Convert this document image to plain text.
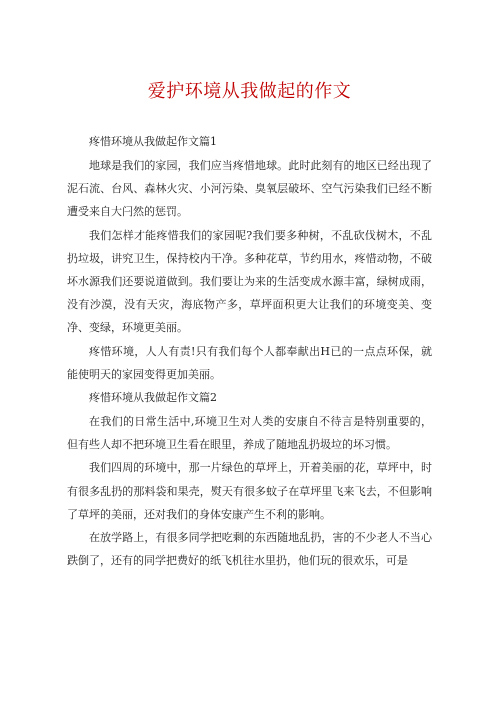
爱护环境从我做起的作文

疼惜环境从我做起作文篇1

地球是我们的家园，我们应当疼惜地球。此时此刻有的地区已经出现了泥石流、台风、森林火灾、小河污染、臭氧层破坏、空气污染我们已经不断遭受来自大闩然的惩罚。

我们怎样才能疼惜我们的家园呢?我们要多种树，不乱砍伐树木，不乱扔垃圾，讲究卫生，保持校内干净。多种花草，节约用水，疼惜动物，不破坏水源我们还要说道做到。我们要让为来的生活变成水源丰富，绿树成雨，没有沙漠，没有天灾，海底物产多，草坪面积更大让我们的环境变美、变净、变绿，环境更美丽。

疼惜环境，人人有责!只有我们每个人都奉献出H已的一点点环保，就能使明天的家园变得更加美丽。

疼惜环境从我做起作文篇2

在我们的日常生活中,环境卫生对人类的安康自不待言是特别重要的，但有些人却不把环境卫生看在眼里，养成了随地乱扔圾垃的坏习惯。

我们四周的环境中，那一片绿色的草坪上，开着美丽的花，草坪中，时有很多乱扔的那料袋和果壳，熨天有很多蚊子在草坪里飞来飞去，不但影响了草坪的美丽，还对我们的身体安康产生不利的影响。

在放学路上，有很多同学把吃剩的东西随地乱扔，害的不少老人不当心跌倒了，还有的同学把费好的纸飞机往水里扔，他们玩的很欢乐，可是
